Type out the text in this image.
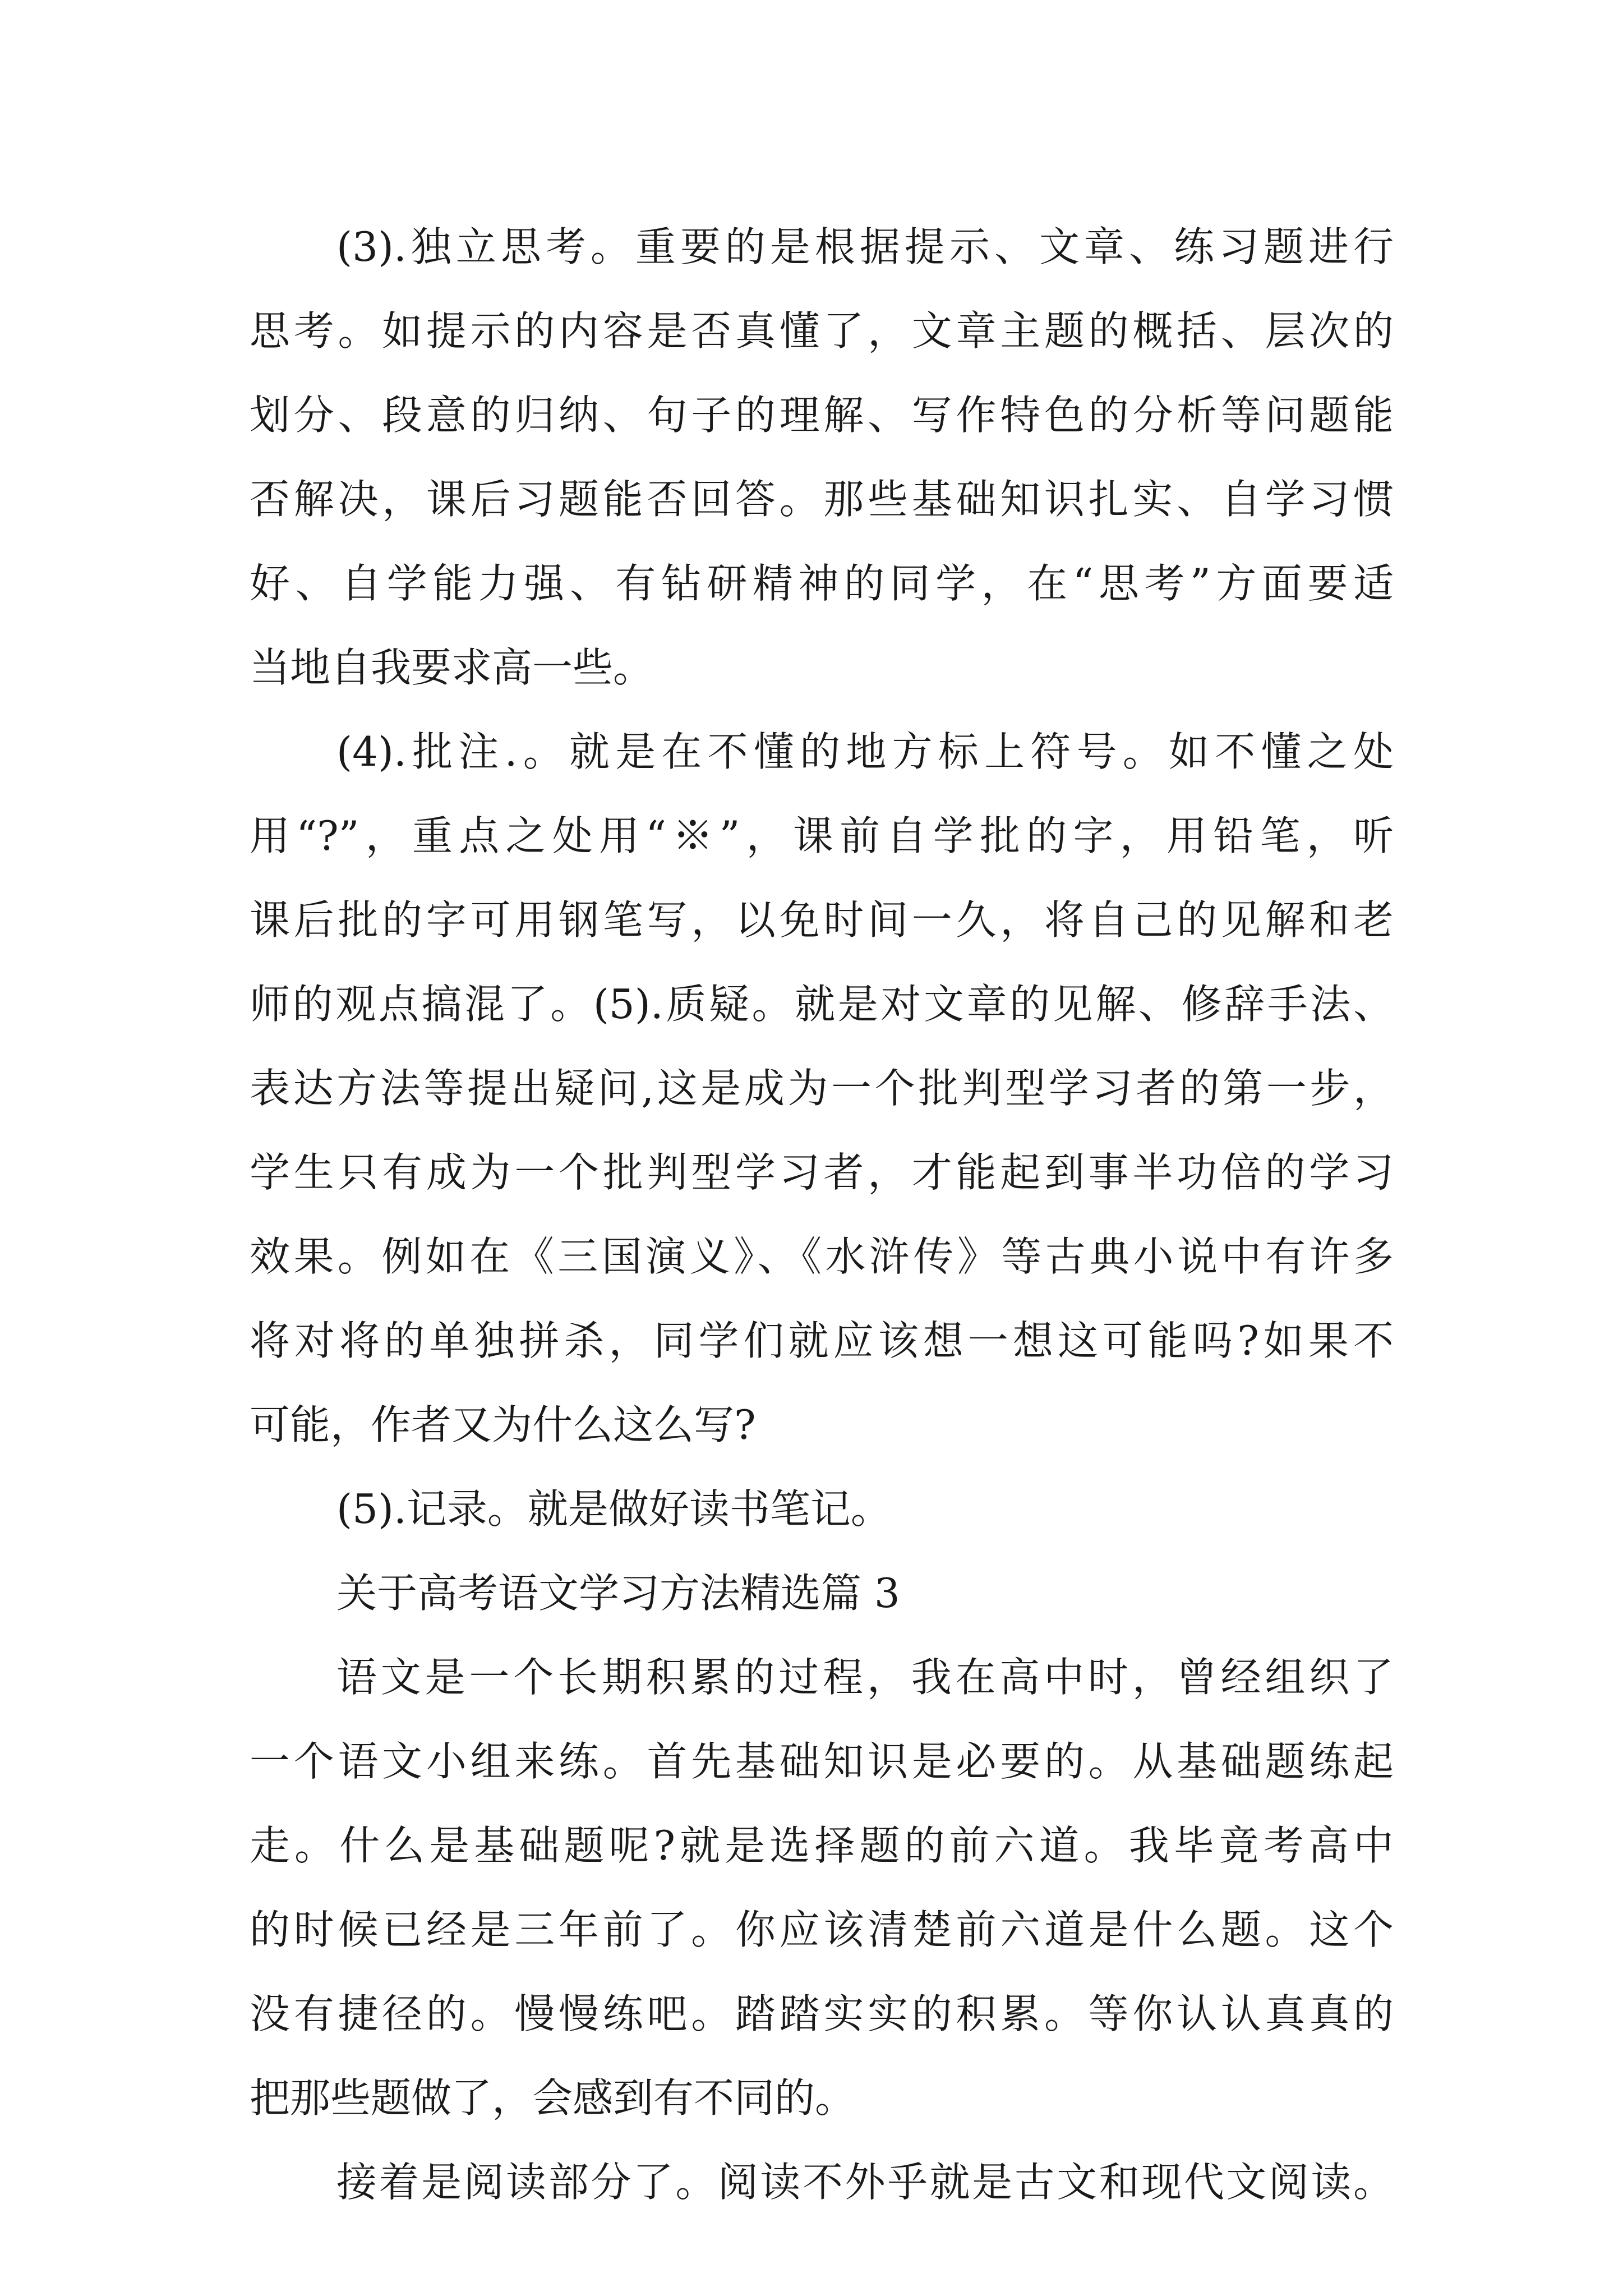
(3).独立思考。重要的是根据提示、文章、练习题进行
思考。如提示的内容是否真懂了，文章主题的概括、层次的
划分、段意的归纳、句子的理解、写作特色的分析等问题能
否解决，课后习题能否回答。那些基础知识扎实、自学习惯
好、自学能力强、有钻研精神的同学，在“思考”方面要适
当地自我要求高一些。
(4).批注.。就是在不懂的地方标上符号。如不懂之处
用“?”，重点之处用“※”，课前自学批的字，用铅笔，听
课后批的字可用钢笔写，以免时间一久，将自己的见解和老
师的观点搞混了。(5).质疑。就是对文章的见解、修辞手法、
表达方法等提出疑问,这是成为一个批判型学习者的第一步，
学生只有成为一个批判型学习者，才能起到事半功倍的学习
效果。例如在《三国演义》、《水浒传》等古典小说中有许多
将对将的单独拼杀，同学们就应该想一想这可能吗?如果不
可能，作者又为什么这么写?
(5).记录。就是做好读书笔记。
关于高考语文学习方法精选篇 3
语文是一个长期积累的过程，我在高中时，曾经组织了
一个语文小组来练。首先基础知识是必要的。从基础题练起
走。什么是基础题呢?就是选择题的前六道。我毕竟考高中
的时候已经是三年前了。你应该清楚前六道是什么题。这个
没有捷径的。慢慢练吧。踏踏实实的积累。等你认认真真的
把那些题做了，会感到有不同的。
接着是阅读部分了。阅读不外乎就是古文和现代文阅读。
